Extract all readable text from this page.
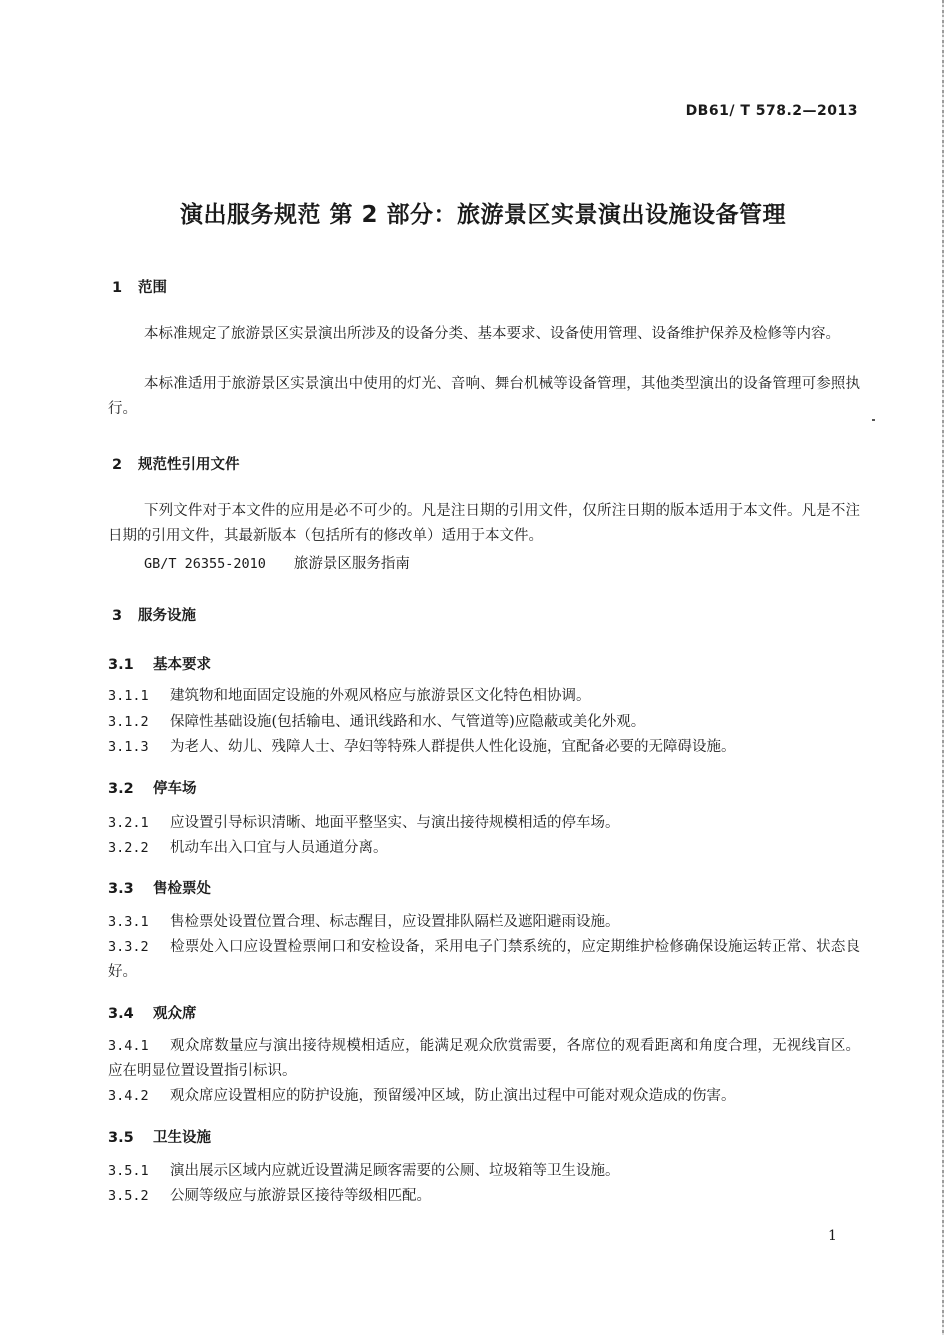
DB61/ T 578.2—2013
演出服务规范 第 2 部分：旅游景区实景演出设施设备管理
1 范围

本标准规定了旅游景区实景演出所涉及的设备分类、基本要求、设备使用管理、设备维护保养及检修等内容。

本标准适用于旅游景区实景演出中使用的灯光、音响、舞台机械等设备管理，其他类型演出的设备管理可参照执行。

2 规范性引用文件

下列文件对于本文件的应用是必不可少的。凡是注日期的引用文件，仅所注日期的版本适用于本文件。凡是不注日期的引用文件，其最新版本（包括所有的修改单）适用于本文件。

GB/T 26355-2010 旅游景区服务指南
3 服务设施
3.1 基本要求

3.1.1 建筑物和地面固定设施的外观风格应与旅游景区文化特色相协调。

3.1.2 保障性基础设施(包括输电、通讯线路和水、气管道等)应隐蔽或美化外观。

3.1.3 为老人、幼儿、残障人士、孕妇等特殊人群提供人性化设施，宜配备必要的无障碍设施。

3.2 停车场

3.2.1 应设置引导标识清晰、地面平整坚实、与演出接待规模相适的停车场。

3.2.2 机动车出入口宜与人员通道分离。

3.3 售检票处

3.3.1 售检票处设置位置合理、标志醒目，应设置排队隔栏及遮阳避雨设施。

3.3.2 检票处入口应设置检票闸口和安检设备，采用电子门禁系统的，应定期维护检修确保设施运转正常、状态良好。

3.4 观众席

3.4.1 观众席数量应与演出接待规模相适应，能满足观众欣赏需要，各席位的观看距离和角度合理，无视线盲区。应在明显位置设置指引标识。

3.4.2 观众席应设置相应的防护设施，预留缓冲区域，防止演出过程中可能对观众造成的伤害。

3.5 卫生设施

3.5.1 演出展示区域内应就近设置满足顾客需要的公厕、垃圾箱等卫生设施。

3.5.2 公厕等级应与旅游景区接待等级相匹配。

1
